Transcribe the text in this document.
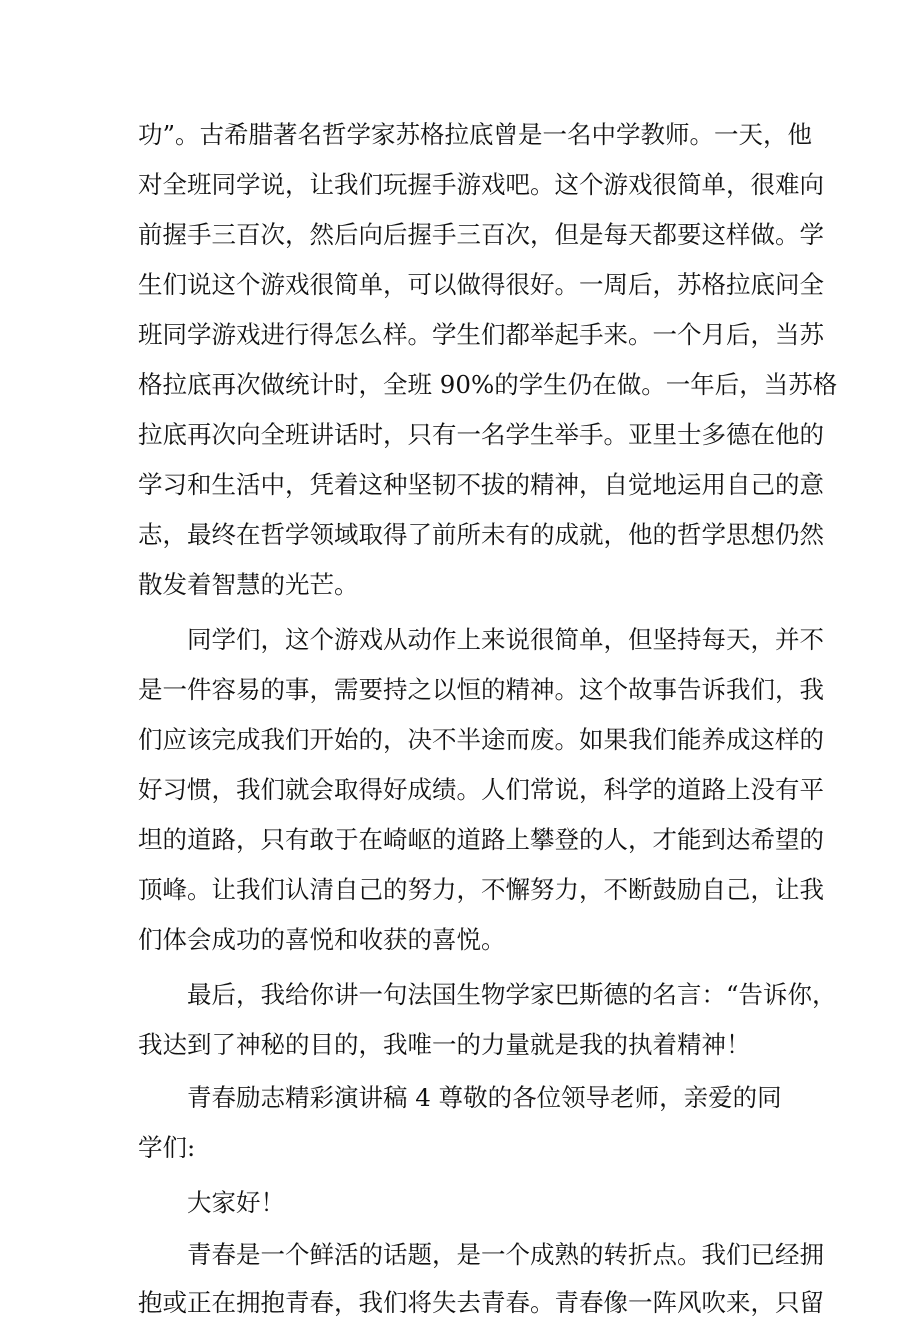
功”。古希腊著名哲学家苏格拉底曾是一名中学教师。一天，他
对全班同学说，让我们玩握手游戏吧。这个游戏很简单，很难向
前握手三百次，然后向后握手三百次，但是每天都要这样做。学
生们说这个游戏很简单，可以做得很好。一周后，苏格拉底问全
班同学游戏进行得怎么样。学生们都举起手来。一个月后，当苏
格拉底再次做统计时，全班 90%的学生仍在做。一年后，当苏格
拉底再次向全班讲话时，只有一名学生举手。亚里士多德在他的
学习和生活中，凭着这种坚韧不拔的精神，自觉地运用自己的意
志，最终在哲学领域取得了前所未有的成就，他的哲学思想仍然
散发着智慧的光芒。
同学们，这个游戏从动作上来说很简单，但坚持每天，并不
是一件容易的事，需要持之以恒的精神。这个故事告诉我们，我
们应该完成我们开始的，决不半途而废。如果我们能养成这样的
好习惯，我们就会取得好成绩。人们常说，科学的道路上没有平
坦的道路，只有敢于在崎岖的道路上攀登的人，才能到达希望的
顶峰。让我们认清自己的努力，不懈努力，不断鼓励自己，让我
们体会成功的喜悦和收获的喜悦。
最后，我给你讲一句法国生物学家巴斯德的名言：“告诉你，
我达到了神秘的目的，我唯一的力量就是我的执着精神！
青春励志精彩演讲稿 4 尊敬的各位领导老师，亲爱的同
学们:
大家好！
青春是一个鲜活的话题，是一个成熟的转折点。我们已经拥
抱或正在拥抱青春，我们将失去青春。青春像一阵风吹来，只留
